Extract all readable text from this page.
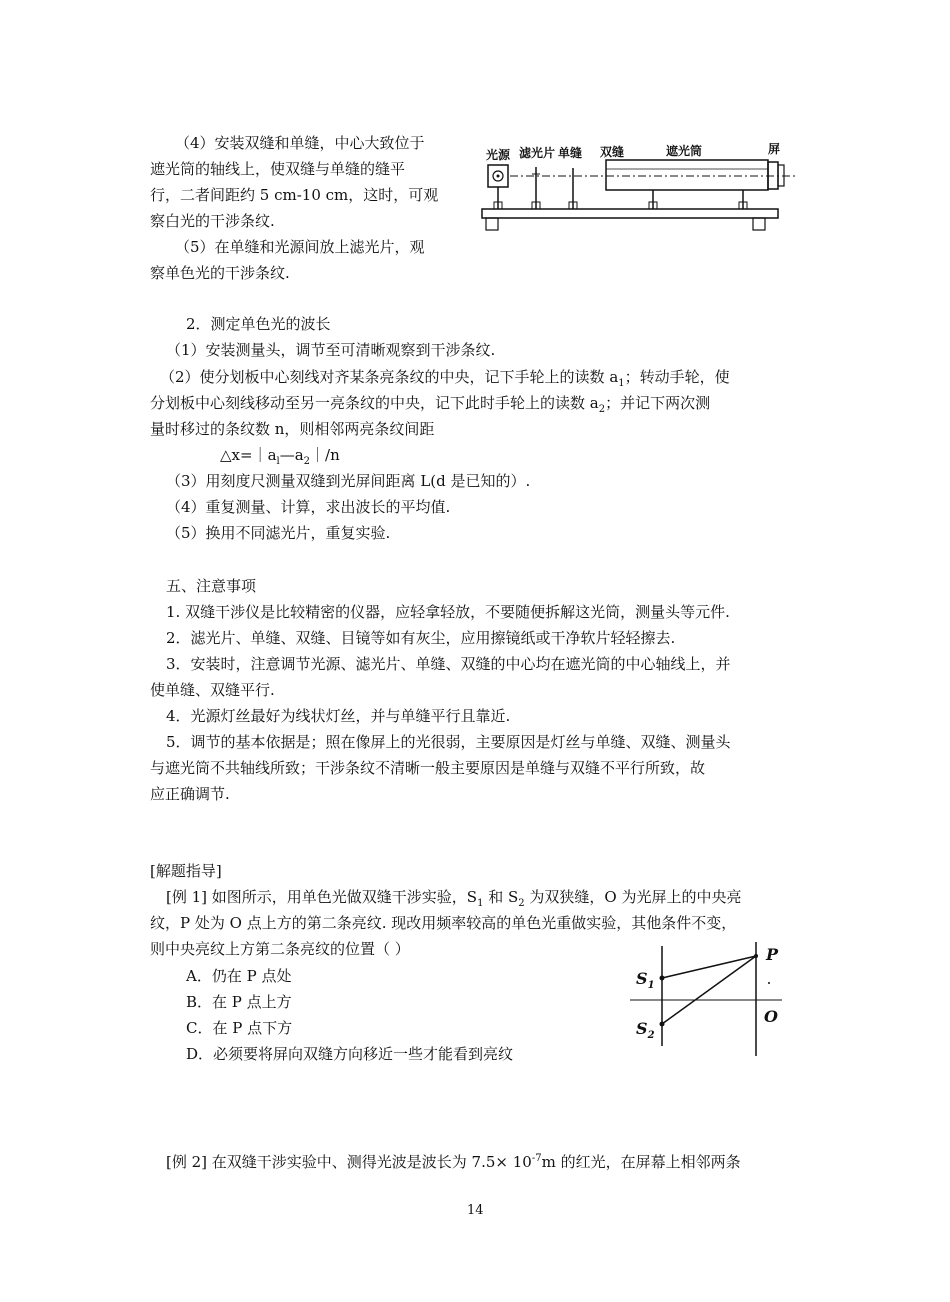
（4）安装双缝和单缝，中心大致位于
遮光筒的轴线上，使双缝与单缝的缝平
行，二者间距约 5 cm-10 cm，这时，可观
察白光的干涉条纹.
（5）在单缝和光源间放上滤光片，观
察单色光的干涉条纹.
光源 滤光片 单缝 双缝	遮光筒	屏
2．测定单色光的波长
（1）安装测量头，调节至可清晰观察到干涉条纹.
（2）使分划板中心刻线对齐某条亮条纹的中央，记下手轮上的读数 $a_1$；转动手轮，使
分划板中心刻线移动至另一亮条纹的中央，记下此时手轮上的读数 $a_2$；并记下两次测
量时移过的条纹数 n，则相邻两亮条纹间距
$\triangle x=|a_l—a_2|/n$
（3）用刻度尺测量双缝到光屏间距离 L(d 是已知的）.
（4）重复测量、计算，求出波长的平均值.
（5）换用不同滤光片，重复实验.
五、注意事项
1. 双缝干涉仪是比较精密的仪器，应轻拿轻放，不要随便拆解这光筒，测量头等元件.
2．滤光片、单缝、双缝、目镜等如有灰尘，应用擦镜纸或干净软片轻轻擦去.
3．安装时，注意调节光源、滤光片、单缝、双缝的中心均在遮光筒的中心轴线上，并
使单缝、双缝平行.
4．光源灯丝最好为线状灯丝，并与单缝平行且靠近.
5．调节的基本依据是；照在像屏上的光很弱，主要原因是灯丝与单缝、双缝、测量头
与遮光筒不共轴线所致；干涉条纹不清晰一般主要原因是单缝与双缝不平行所致，故
应正确调节.
[解题指导]
[例 1] 如图所示，用单色光做双缝干涉实验，$S_1$ 和 $S_2$ 为双狭缝，O 为光屏上的中央亮
纹，P 处为 O 点上方的第二条亮纹. 现改用频率较高的单色光重做实验，其他条件不变，
则中央亮纹上方第二条亮纹的位置（ ）
A．仍在 P 点处
B．在 P 点上方
C．在 P 点下方
D．必须要将屏向双缝方向移近一些才能看到亮纹
$S_1$
$S_2$
P
O
[例 2] 在双缝干涉实验中、测得光波是波长为 $7.5\times 10^{-7}m$ 的红光，在屏幕上相邻两条
14
